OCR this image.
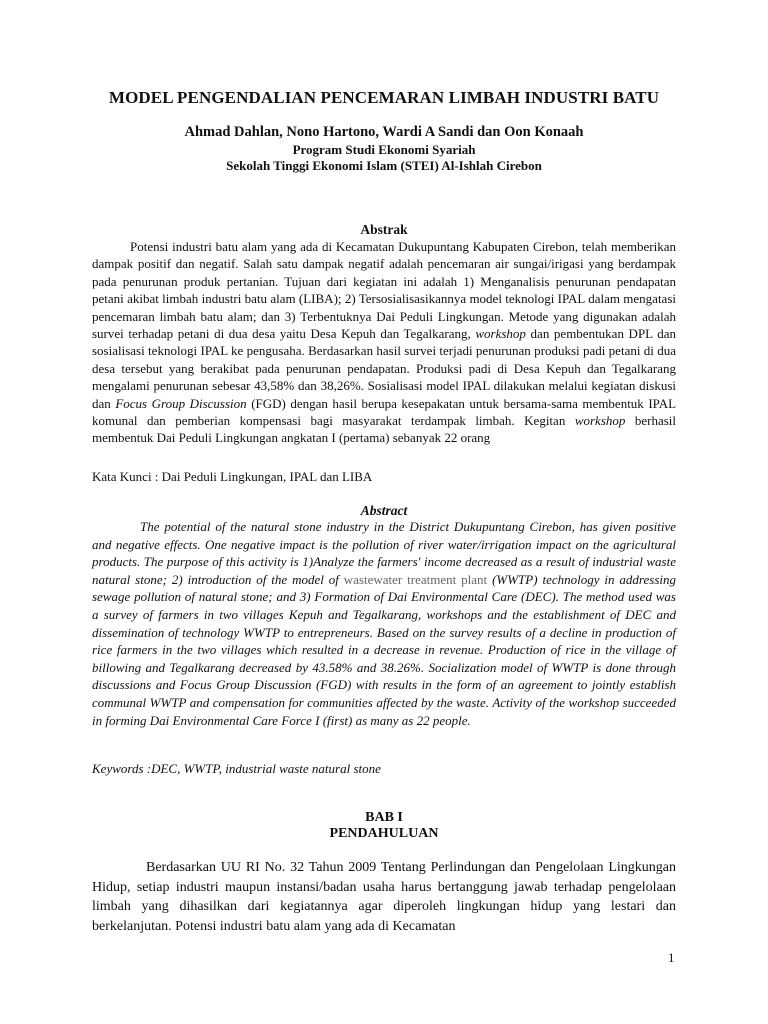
MODEL PENGENDALIAN PENCEMARAN LIMBAH INDUSTRI BATU
Ahmad Dahlan, Nono Hartono, Wardi A Sandi dan Oon Konaah
Program Studi Ekonomi Syariah
Sekolah Tinggi Ekonomi Islam (STEI) Al-Ishlah Cirebon
Abstrak

Potensi industri batu alam yang ada di Kecamatan Dukupuntang Kabupaten Cirebon, telah memberikan dampak positif dan negatif. Salah satu dampak negatif adalah pencemaran air sungai/irigasi yang berdampak pada penurunan produk pertanian. Tujuan dari kegiatan ini adalah 1) Menganalisis penurunan pendapatan petani akibat limbah industri batu alam (LIBA); 2) Tersosialisasikannya model teknologi IPAL dalam mengatasi pencemaran limbah batu alam; dan 3) Terbentuknya Dai Peduli Lingkungan. Metode yang digunakan adalah survei terhadap petani di dua desa yaitu Desa Kepuh dan Tegalkarang, workshop dan pembentukan DPL dan sosialisasi teknologi IPAL ke pengusaha. Berdasarkan hasil survei terjadi penurunan produksi padi petani di dua desa tersebut yang berakibat pada penurunan pendapatan. Produksi padi di Desa Kepuh dan Tegalkarang mengalami penurunan sebesar 43,58% dan 38,26%. Sosialisasi model IPAL dilakukan melalui kegiatan diskusi dan Focus Group Discussion (FGD) dengan hasil berupa kesepakatan untuk bersama-sama membentuk IPAL komunal dan pemberian kompensasi bagi masyarakat terdampak limbah. Kegitan workshop berhasil membentuk Dai Peduli Lingkungan angkatan I (pertama) sebanyak 22 orang

Kata Kunci : Dai Peduli Lingkungan, IPAL dan LIBA
Abstract

The potential of the natural stone industry in the District Dukupuntang Cirebon, has given positive and negative effects. One negative impact is the pollution of river water/irrigation impact on the agricultural products. The purpose of this activity is 1)Analyze the farmers' income decreased as a result of industrial waste natural stone; 2) introduction of the model of wastewater treatment plant (WWTP) technology in addressing sewage pollution of natural stone; and 3) Formation of Dai Environmental Care (DEC). The method used was a survey of farmers in two villages Kepuh and Tegalkarang, workshops and the establishment of DEC and dissemination of technology WWTP to entrepreneurs. Based on the survey results of a decline in production of rice farmers in the two villages which resulted in a decrease in revenue. Production of rice in the village of billowing and Tegalkarang decreased by 43.58% and 38.26%. Socialization model of WWTP is done through discussions and Focus Group Discussion (FGD) with results in the form of an agreement to jointly establish communal WWTP and compensation for communities affected by the waste. Activity of the workshop succeeded in forming Dai Environmental Care Force I (first) as many as 22 people.

Keywords :DEC, WWTP, industrial waste natural stone
BAB I
PENDAHULUAN

Berdasarkan UU RI No. 32 Tahun 2009 Tentang Perlindungan dan Pengelolaan Lingkungan Hidup, setiap industri maupun instansi/badan usaha harus bertanggung jawab terhadap pengelolaan limbah yang dihasilkan dari kegiatannya agar diperoleh lingkungan hidup yang lestari dan berkelanjutan. Potensi industri batu alam yang ada di Kecamatan

1
